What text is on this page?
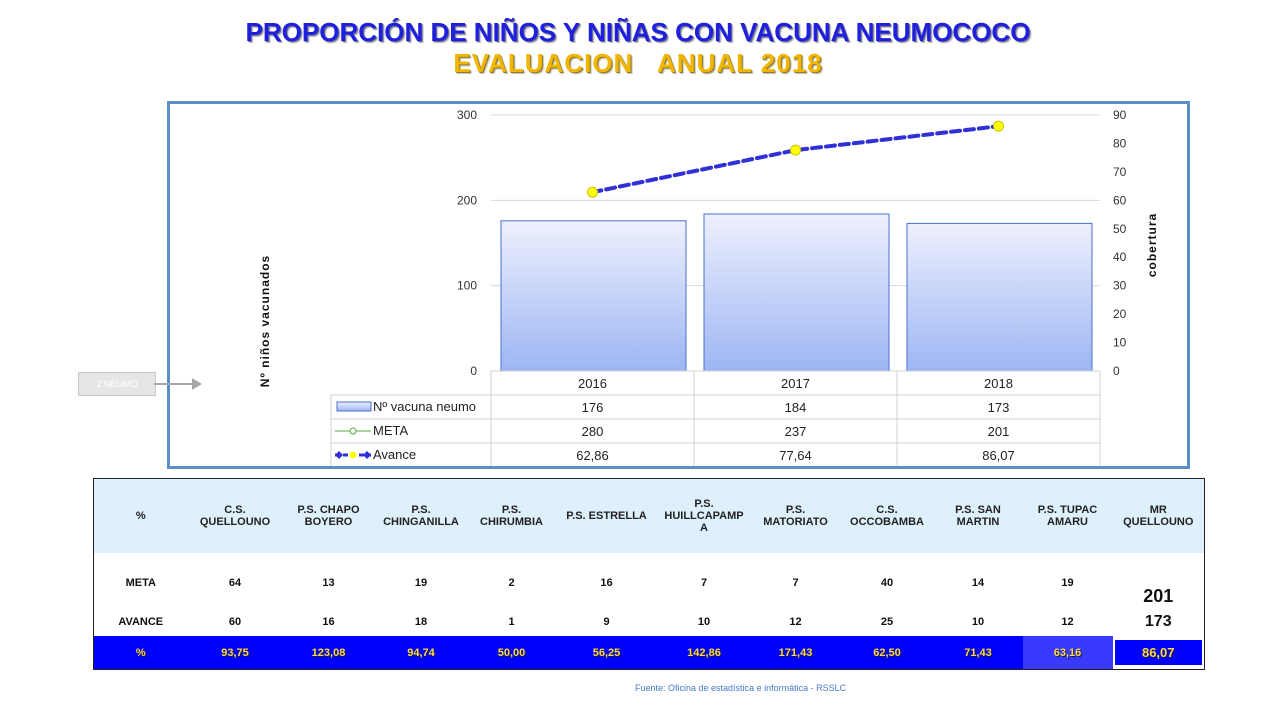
PROPORCIÓN DE NIÑOS Y NIÑAS CON VACUNA NEUMOCOCO
EVALUACION   ANUAL 2018
0
100
200
300
0
10
20
30
40
50
60
70
80
90
Nº niños vacunados
cobertura
2016	2017	2018
Nº vacuna neumo	176	184	173
META	280	237	201
Avance	62,86	77,64	86,07
2 NEUMO
%	C.S. QUELLOUNO	P.S. CHAPO BOYERO	P.S. CHINGANILLA	P.S. CHIRUMBIA	P.S. ESTRELLA	P.S. HUILLCAPAMP A	P.S. MATORIATO	C.S. OCCOBAMBA	P.S. SAN MARTIN	P.S. TUPAC AMARU	MR QUELLOUNO
META	64	13	19	2	16	7	7	40	14	19	201
AVANCE	60	16	18	1	9	10	12	25	10	12	173
%	93,75	123,08	94,74	50,00	56,25	142,86	171,43	62,50	71,43	63,16	86,07
Fuente: Oficina de estadística e informática - RSSLC
